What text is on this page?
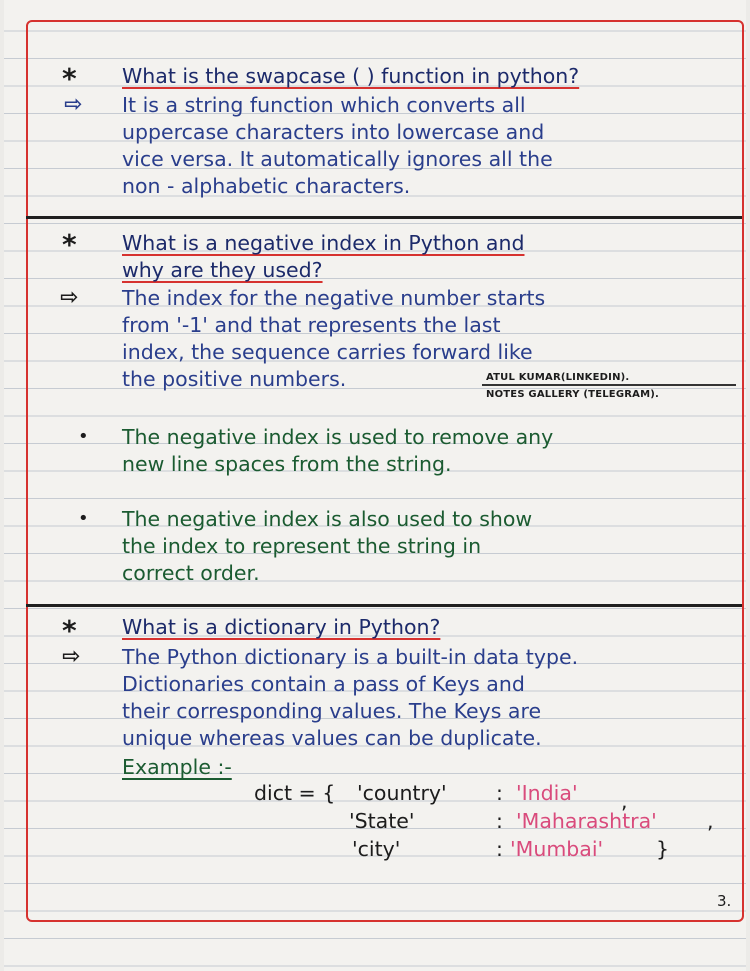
*
⇨
What is the swapcase ( ) function in python?
It is a string function which converts all
uppercase characters into lowercase and
vice versa. It automatically ignores all the
non - alphabetic characters.
* What is a negative index in Python and
why are they used?
⇨ The index for the negative number starts
from '-1' and that represents the last
index, the sequence carries forward like
the positive numbers.	ATUL KUMAR(LINKEDIN).
NOTES GALLERY (TELEGRAM).
• The negative index is used to remove any
new line spaces from the string.
• The negative index is also used to show
the index to represent the string in
correct order.
* What is a dictionary in Python?
⇨ The Python dictionary is a built-in data type.
Dictionaries contain a pass of Keys and
their corresponding values. The Keys are
unique whereas values can be duplicate.
Example :-
dict = { 'country' : 'India' ,
'State'	: 'Maharashtra' ,
'city'	: 'Mumbai'	}
3.
